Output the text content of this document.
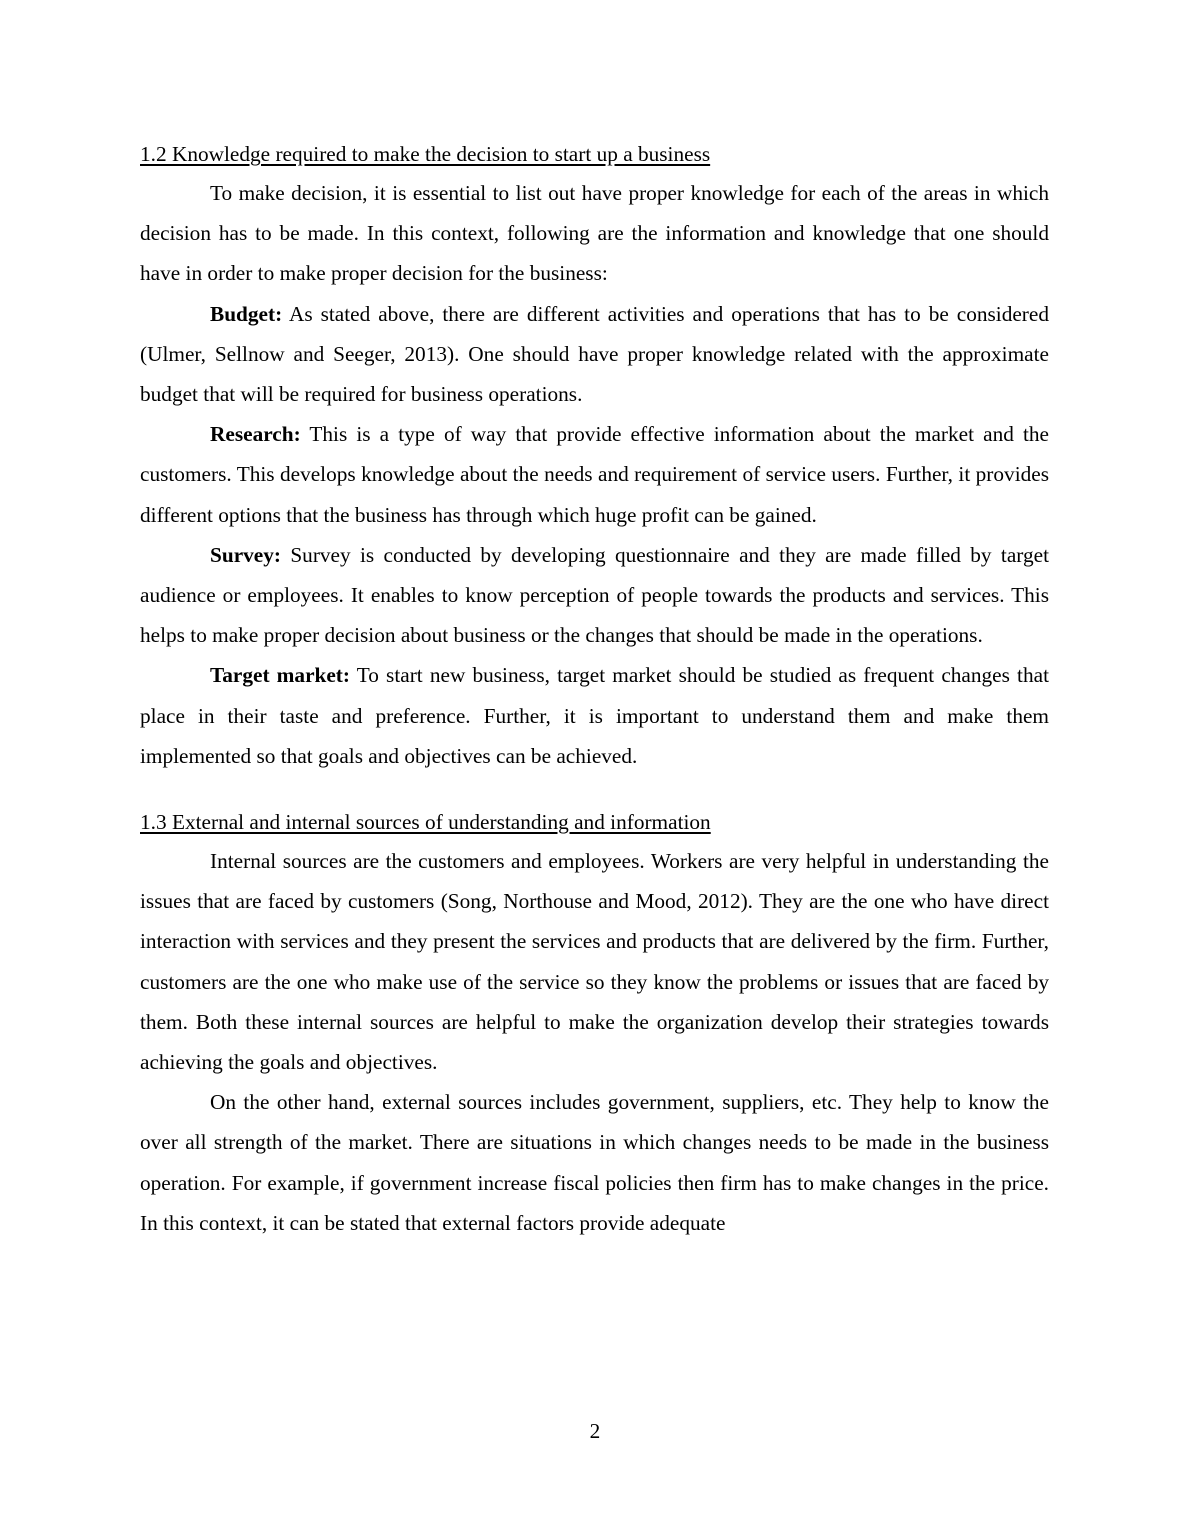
1.2 Knowledge required to make the decision to start up a business

To make decision, it is essential to list out have proper knowledge for each of the areas in which decision has to be made. In this context, following are the information and knowledge that one should have in order to make proper decision for the business:

Budget: As stated above, there are different activities and operations that has to be considered (Ulmer, Sellnow and Seeger, 2013). One should have proper knowledge related with the approximate budget that will be required for business operations.

Research: This is a type of way that provide effective information about the market and the customers. This develops knowledge about the needs and requirement of service users. Further, it provides different options that the business has through which huge profit can be gained.

Survey: Survey is conducted by developing questionnaire and they are made filled by target audience or employees. It enables to know perception of people towards the products and services. This helps to make proper decision about business or the changes that should be made in the operations.

Target market: To start new business, target market should be studied as frequent changes that place in their taste and preference. Further, it is important to understand them and make them implemented so that goals and objectives can be achieved.

1.3 External and internal sources of understanding and information

Internal sources are the customers and employees. Workers are very helpful in understanding the issues that are faced by customers (Song, Northouse and Mood, 2012). They are the one who have direct interaction with services and they present the services and products that are delivered by the firm. Further, customers are the one who make use of the service so they know the problems or issues that are faced by them. Both these internal sources are helpful to make the organization develop their strategies towards achieving the goals and objectives.

On the other hand, external sources includes government, suppliers, etc. They help to know the over all strength of the market. There are situations in which changes needs to be made in the business operation. For example, if government increase fiscal policies then firm has to make changes in the price. In this context, it can be stated that external factors provide adequate

2
